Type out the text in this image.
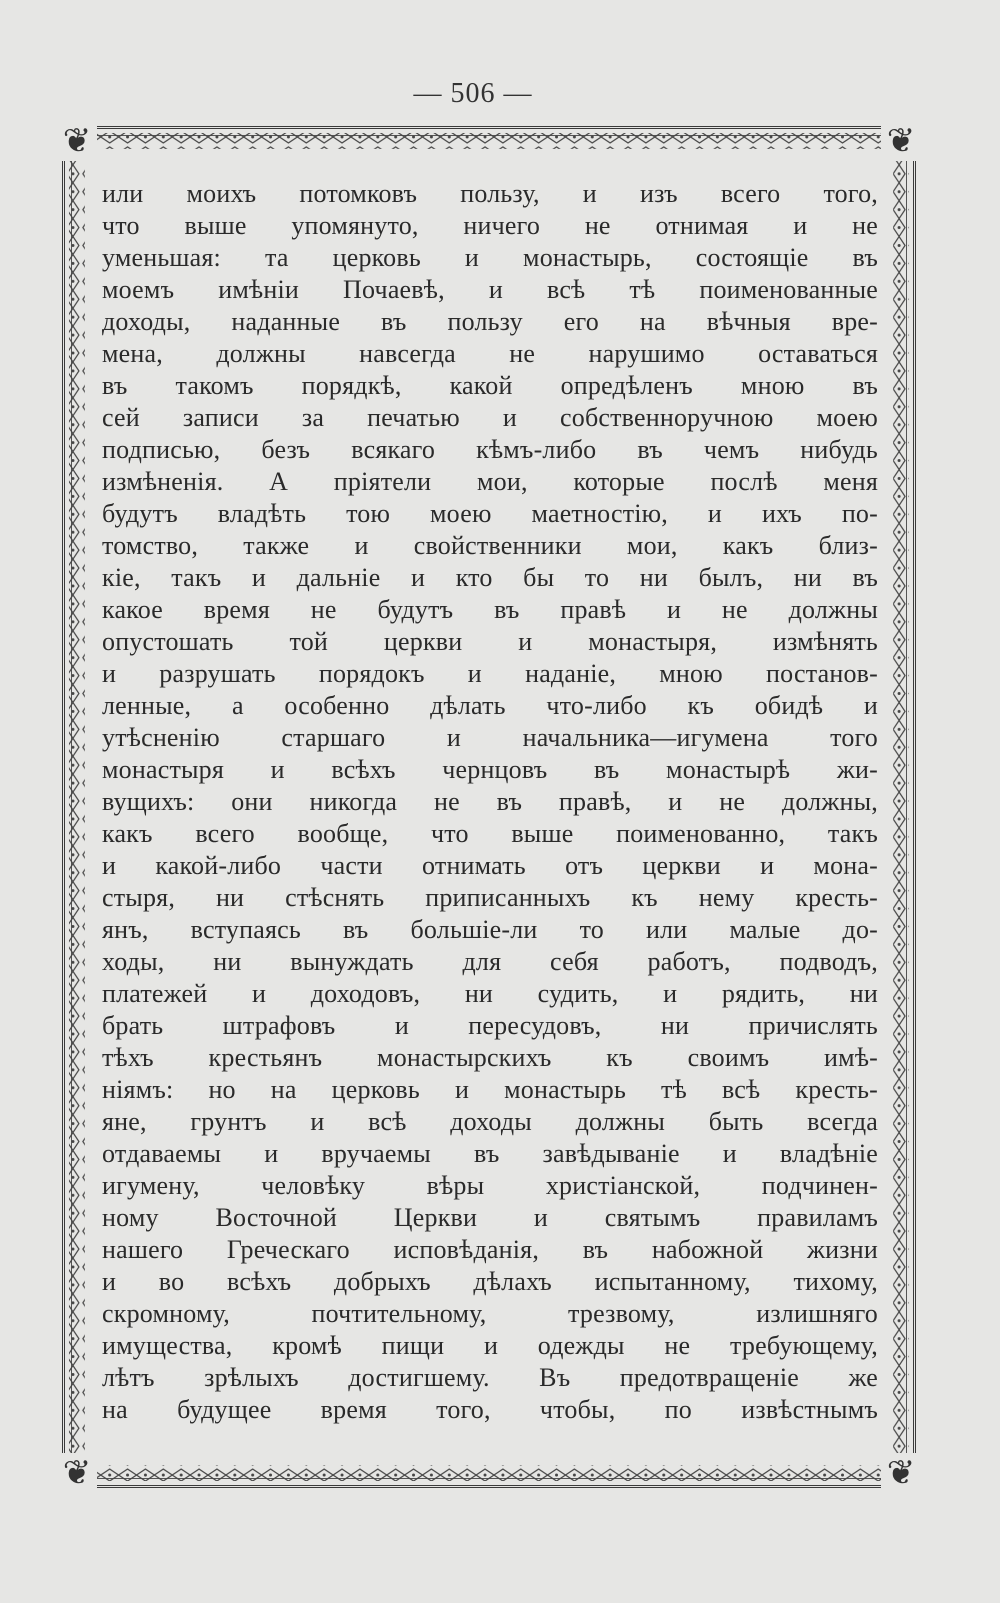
— 506 —
❦	❦
❦	❦
или моихъ потомковъ пользу, и изъ всего того,
что выше упомянуто, ничего не отнимая и не
уменьшая: та церковь и монастырь, состоящіе въ
моемъ имѣніи Почаевѣ, и всѣ тѣ поименованные
доходы, наданные въ пользу его на вѣчныя вре-
мена, должны навсегда не нарушимо оставаться
въ такомъ порядкѣ, какой опредѣленъ мною въ
сей записи за печатью и собственноручною моею
подписью, безъ всякаго кѣмъ-либо въ чемъ нибудь
измѣненія. А пріятели мои, которые послѣ меня
будутъ владѣть тою моею маетностію, и ихъ по-
томство, также и свойственники мои, какъ близ-
кіе, такъ и дальніе и кто бы то ни былъ, ни въ
какое время не будутъ въ правѣ и не должны
опустошать той церкви и монастыря, измѣнять
и разрушать порядокъ и наданіе, мною постанов-
ленные, а особенно дѣлать что-либо къ обидѣ и
утѣсненію старшаго и начальника—игумена того
монастыря и всѣхъ чернцовъ въ монастырѣ жи-
вущихъ: они никогда не въ правѣ, и не должны,
какъ всего вообще, что выше поименованно, такъ
и какой-либо части отнимать отъ церкви и мона-
стыря, ни стѣснять приписанныхъ къ нему кресть-
янъ, вступаясь въ большіе-ли то или малые до-
ходы, ни вынуждать для себя работъ, подводъ,
платежей и доходовъ, ни судить, и рядить, ни
брать штрафовъ и пересудовъ, ни причислять
тѣхъ крестьянъ монастырскихъ къ своимъ имѣ-
ніямъ: но на церковь и монастырь тѣ всѣ кресть-
яне, грунтъ и всѣ доходы должны быть всегда
отдаваемы и вручаемы въ завѣдываніе и владѣніе
игумену, человѣку вѣры христіанской, подчинен-
ному Восточной Церкви и святымъ правиламъ
нашего Греческаго исповѣданія, въ набожной жизни
и во всѣхъ добрыхъ дѣлахъ испытанному, тихому,
скромному, почтительному, трезвому, излишняго
имущества, кромѣ пищи и одежды не требующему,
лѣтъ зрѣлыхъ достигшему. Въ предотвращеніе же
на будущее время того, чтобы, по извѣстнымъ
